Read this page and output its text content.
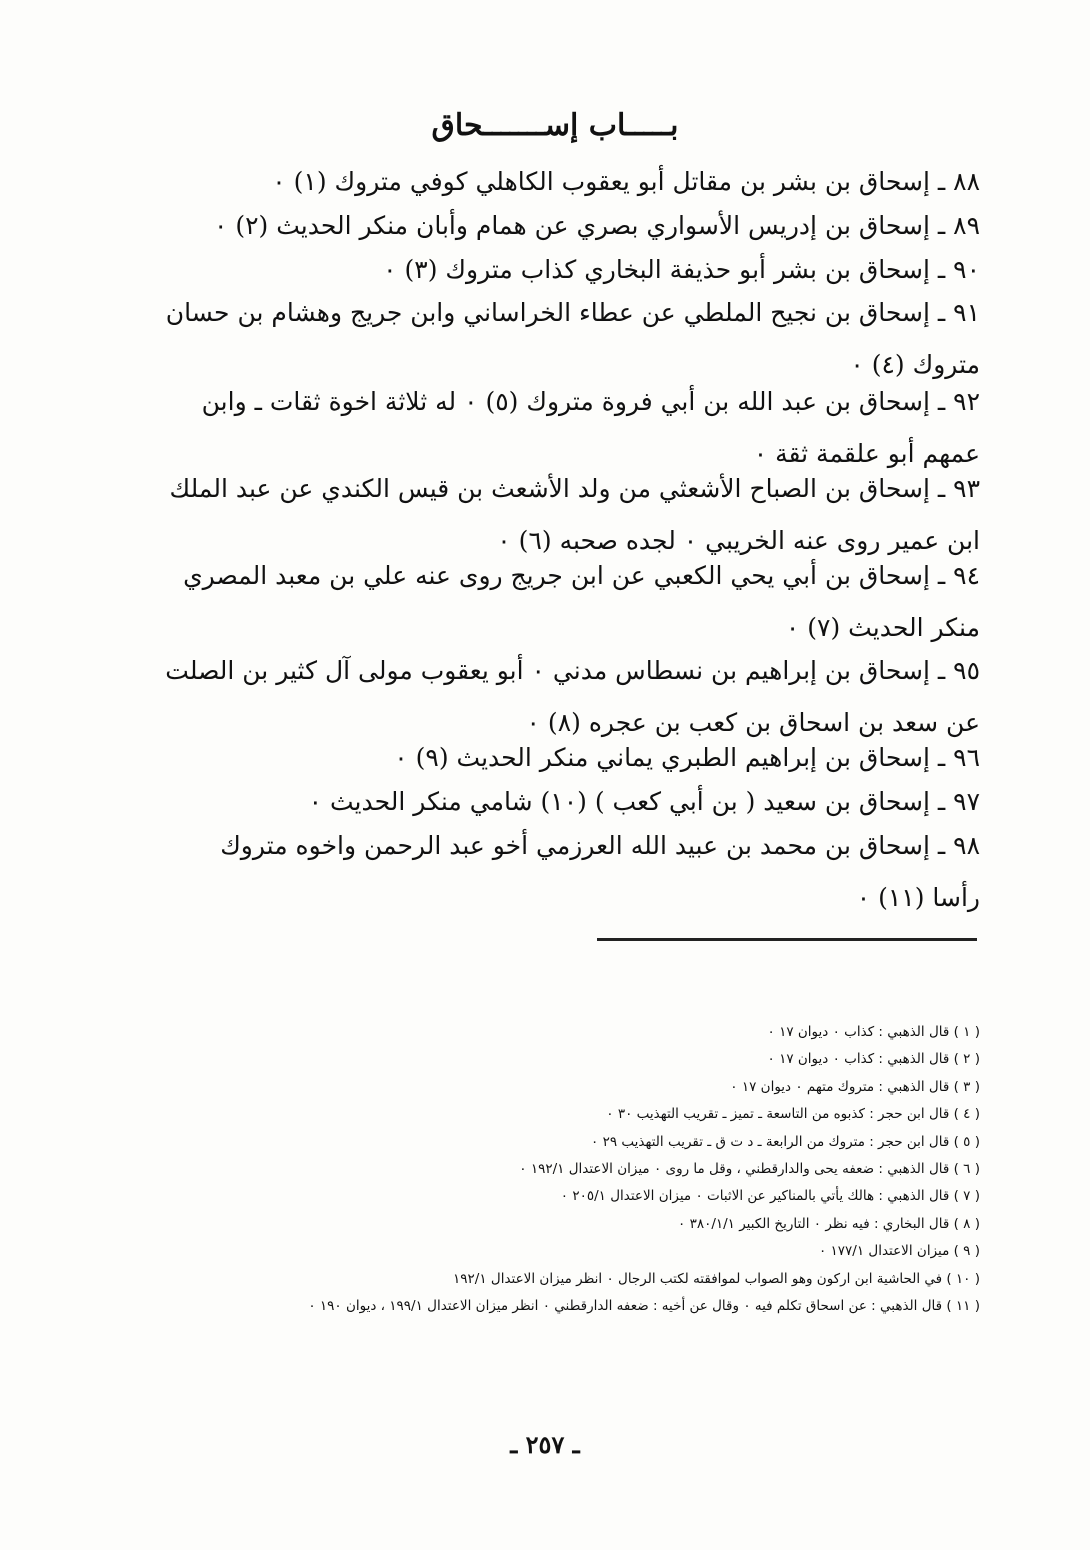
بـــــاب إســـــــحاق
٨٨ ـ إسحاق بن بشر بن مقاتل أبو يعقوب الكاهلي كوفي متروك (١) ٠
٨٩ ـ إسحاق بن إدريس الأسواري بصري عن همام وأبان منكر الحديث (٢) ٠
٩٠ ـ إسحاق بن بشر أبو حذيفة البخاري كذاب متروك (٣) ٠
٩١ ـ إسحاق بن نجيح الملطي عن عطاء الخراساني وابن جريج وهشام بن حسان
متروك (٤) ٠
٩٢ ـ إسحاق بن عبد الله بن أبي فروة متروك (٥) ٠ له ثلاثة اخوة ثقات ـ وابن
عمهم أبو علقمة ثقة ٠
٩٣ ـ إسحاق بن الصباح الأشعثي من ولد الأشعث بن قيس الكندي عن عبد الملك
ابن عمير روى عنه الخريبي ٠ لجده صحبه (٦) ٠
٩٤ ـ إسحاق بن أبي يحي الكعبي عن ابن جريج روى عنه علي بن معبد المصري
منكر الحديث (٧) ٠
٩٥ ـ إسحاق بن إبراهيم بن نسطاس مدني ٠ أبو يعقوب مولى آل كثير بن الصلت
عن سعد بن اسحاق بن كعب بن عجره (٨) ٠
٩٦ ـ إسحاق بن إبراهيم الطبري يماني منكر الحديث (٩) ٠
٩٧ ـ إسحاق بن سعيد ( بن أبي كعب ) (١٠) شامي منكر الحديث ٠
٩٨ ـ إسحاق بن محمد بن عبيد الله العرزمي أخو عبد الرحمن واخوه متروك
رأسا (١١) ٠
( ١ ) قال الذهبي : كذاب ٠ ديوان ١٧ ٠
( ٢ ) قال الذهبي : كذاب ٠ ديوان ١٧ ٠
( ٣ ) قال الذهبي : متروك متهم ٠ ديوان ١٧ ٠
( ٤ ) قال ابن حجر : كذبوه من التاسعة ـ تميز ـ تقريب التهذيب ٣٠ ٠
( ٥ ) قال ابن حجر : متروك من الرابعة ـ د ت ق ـ تقريب التهذيب ٢٩ ٠
( ٦ ) قال الذهبي : ضعفه يحى والدارقطني ، وقل ما روى ٠ ميزان الاعتدال ١٩٢/١ ٠
( ٧ ) قال الذهبي : هالك يأتي بالمناكير عن الاثبات ٠ ميزان الاعتدال ٢٠٥/١ ٠
( ٨ ) قال البخاري : فيه نظر ٠ التاريخ الكبير ٣٨٠/١/١ ٠
( ٩ ) ميزان الاعتدال ١٧٧/١ ٠
( ١٠ ) في الحاشية ابن اركون وهو الصواب لموافقته لكتب الرجال ٠ انظر ميزان الاعتدال ١٩٢/١
( ١١ ) قال الذهبي : عن اسحاق تكلم فيه ٠ وقال عن أخيه : ضعفه الدارقطني ٠ انظر ميزان الاعتدال ١٩٩/١ ، ديوان ١٩٠ ٠
ـ ٢٥٧ ـ
